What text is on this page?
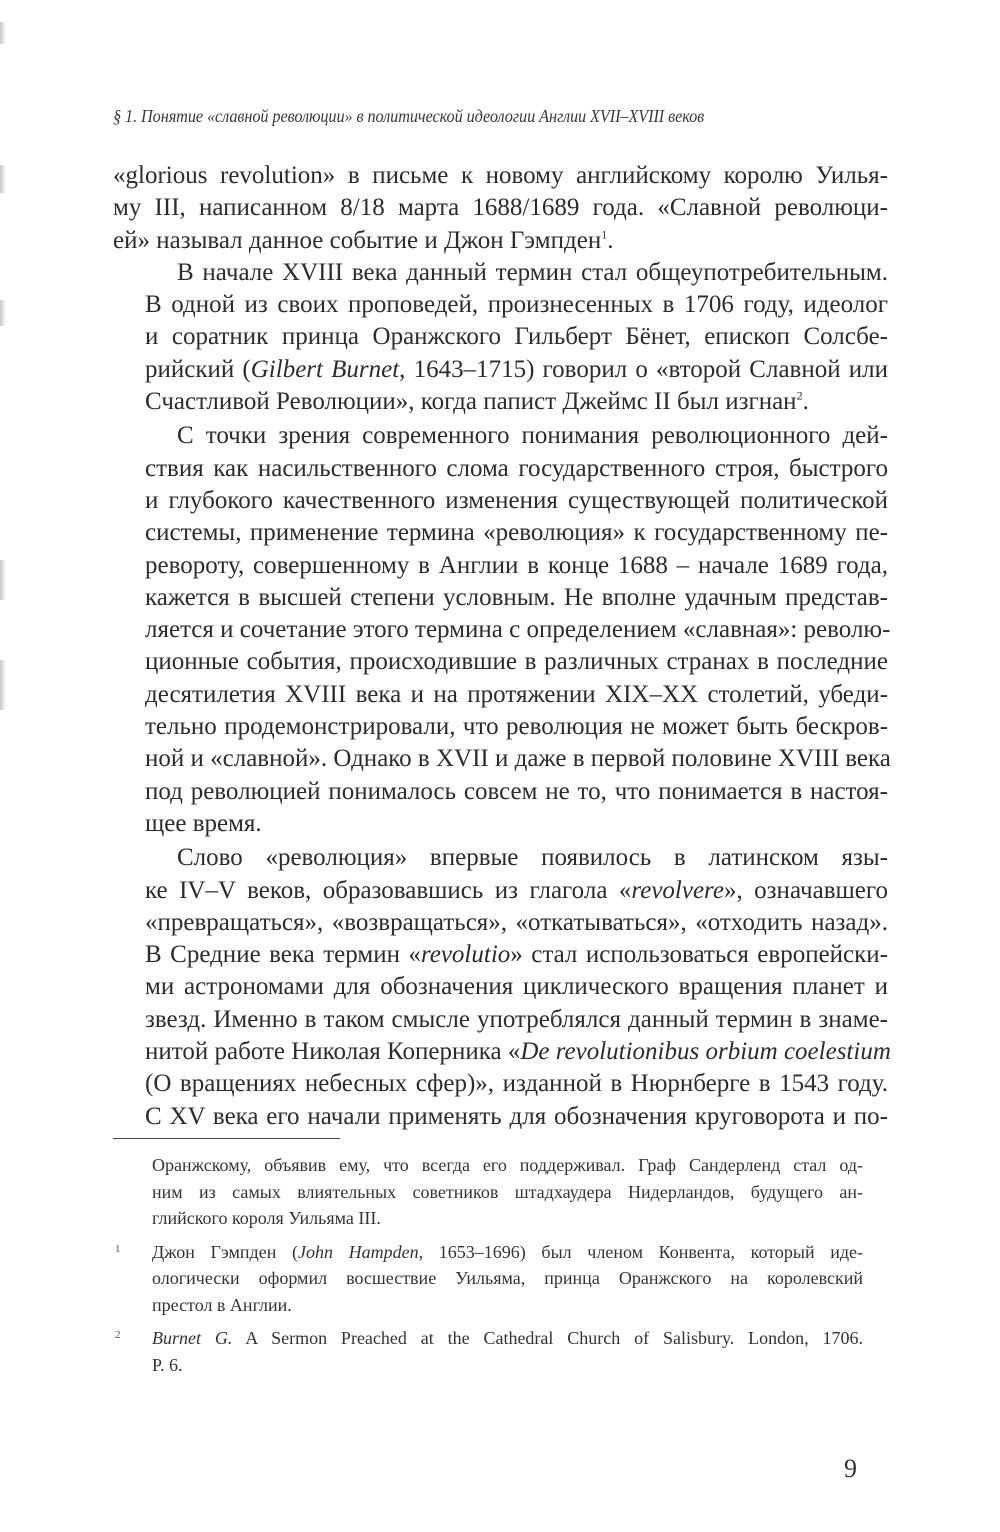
§ 1. Понятие «славной революции» в политической идеологии Англии XVII–XVIII веков

«glorious revolution» в письме к новому английскому королю Уилья-
му III, написанном 8/18 марта 1688/1689 года. «Славной революци-
ей» называл данное событие и Джон Гэмпден$^1$.

В начале XVIII века данный термин стал общеупотребительным.
В одной из своих проповедей, произнесенных в 1706 году, идеолог
и соратник принца Оранжского Гильберт Бёнет, епископ Солсбе-
рийский (Gilbert Burnet, 1643–1715) говорил о «второй Славной или
Счастливой Революции», когда папист Джеймс II был изгнан$^2$.

С точки зрения современного понимания революционного дей-
ствия как насильственного слома государственного строя, быстрого
и глубокого качественного изменения существующей политической
системы, применение термина «революция» к государственному пе-
ревороту, совершенному в Англии в конце 1688 – начале 1689 года,
кажется в высшей степени условным. Не вполне удачным представ-
ляется и сочетание этого термина с определением «славная»: револю-
ционные события, происходившие в различных странах в последние
десятилетия XVIII века и на протяжении XIX–XX столетий, убеди-
тельно продемонстрировали, что революция не может быть бескров-
ной и «славной». Однако в XVII и даже в первой половине XVIII века
под революцией понималось совсем не то, что понимается в настоя-
щее время.

Слово «революция» впервые появилось в латинском язы-
ке IV–V веков, образовавшись из глагола «revolvere», означавшего
«превращаться», «возвращаться», «откатываться», «отходить назад».
В Средние века термин «revolutio» стал использоваться европейски-
ми астрономами для обозначения циклического вращения планет и
звезд. Именно в таком смысле употреблялся данный термин в знаме-
нитой работе Николая Коперника «De revolutionibus orbium coelestium
(О вращениях небесных сфер)», изданной в Нюрнберге в 1543 году.
С XV века его начали применять для обозначения круговорота и по-

Оранжскому, объявив ему, что всегда его поддерживал. Граф Сандерленд стал од-
ним из самых влиятельных советников штадхаудера Нидерландов, будущего ан-
глийского короля Уильяма III.
1 Джон Гэмпден (John Hampden, 1653–1696) был членом Конвента, который иде-
ологически оформил восшествие Уильяма, принца Оранжского на королевский
престол в Англии.
2 Burnet G. A Sermon Preached at the Cathedral Church of Salisbury. London, 1706.
P. 6.
9
